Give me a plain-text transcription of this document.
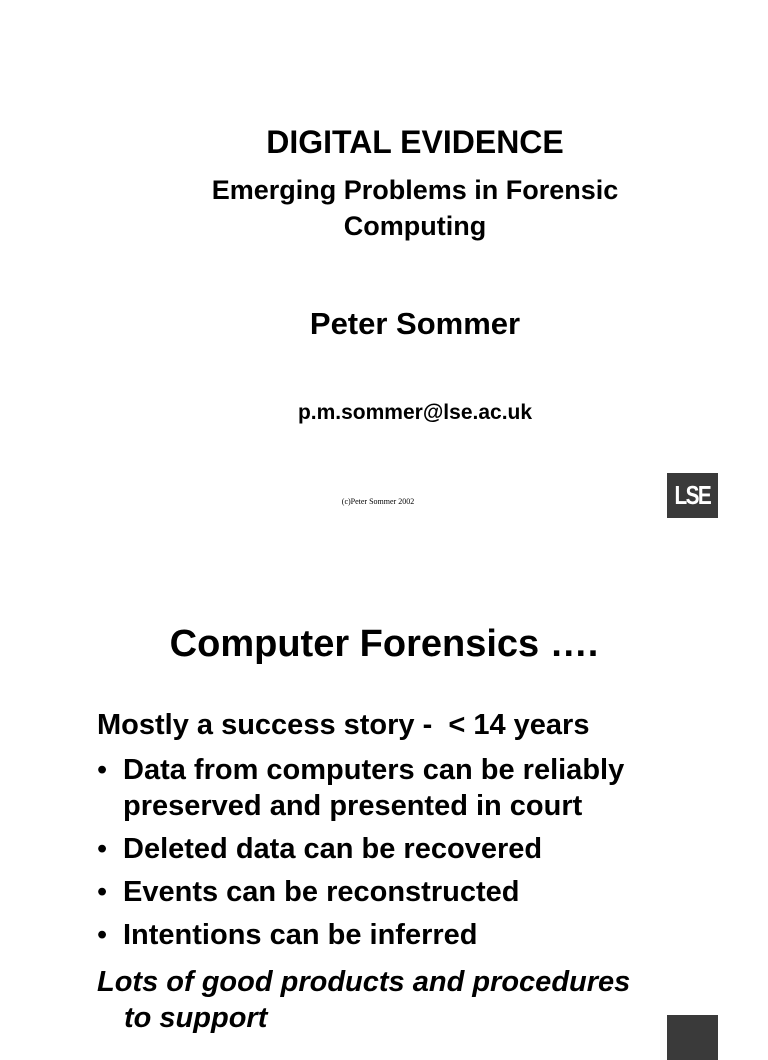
DIGITAL EVIDENCE
Emerging Problems in Forensic Computing
Peter Sommer
p.m.sommer@lse.ac.uk
(c)Peter Sommer 2002	LSE
Computer Forensics ….
Mostly a success story -  < 14 years
• Data from computers can be reliably preserved and presented in court
• Deleted data can be recovered
• Events can be reconstructed
• Intentions can be inferred
Lots of good products and procedures
to support
